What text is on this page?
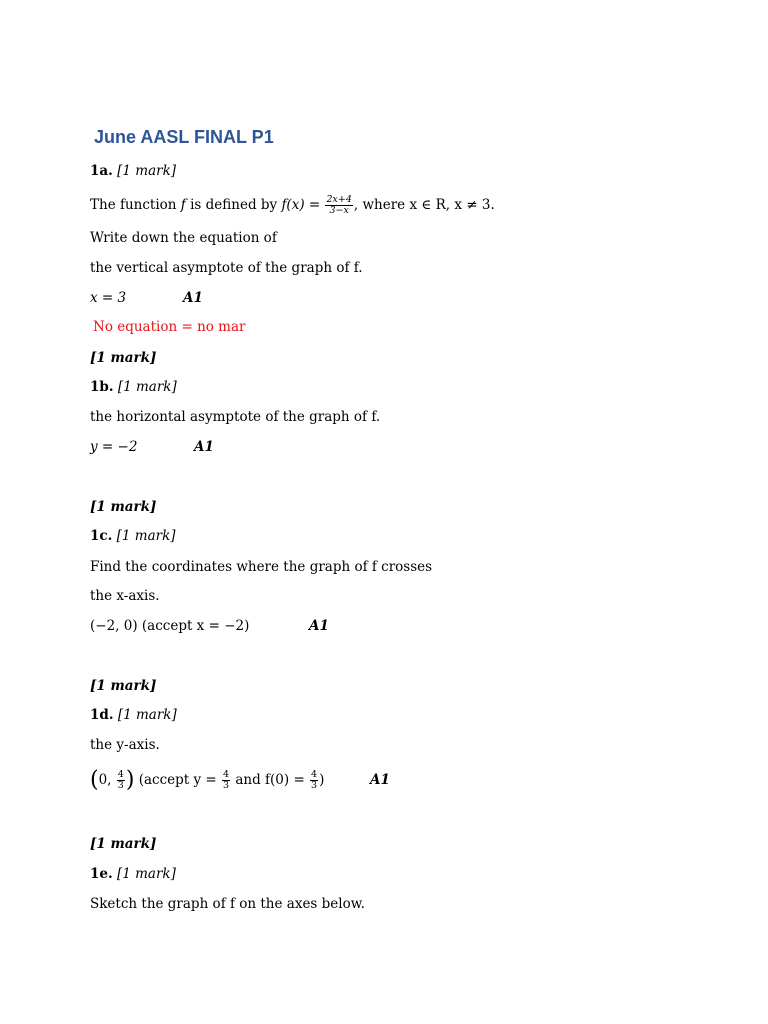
June AASL FINAL P1
1a. [1 mark]
The function f is defined by $f(x) = \frac{2x+4}{3-x}$ , where x ∈ R, x ≠ 3.
Write down the equation of
the vertical asymptote of the graph of f.
x = 3	A1
No equation = no mar
[1 mark]
1b. [1 mark]
the horizontal asymptote of the graph of f.
y = −2	A1
[1 mark]
1c. [1 mark]
Find the coordinates where the graph of f crosses
the x-axis.
(−2, 0) (accept x = −2)	A1
[1 mark]
1d. [1 mark]
the y-axis.
(0, $\frac{4}{3}$ ) (accept $y = \frac{4}{3}$ and $f(0) = \frac{4}{3}$ )	A1
[1 mark]
1e. [1 mark]
Sketch the graph of f on the axes below.
